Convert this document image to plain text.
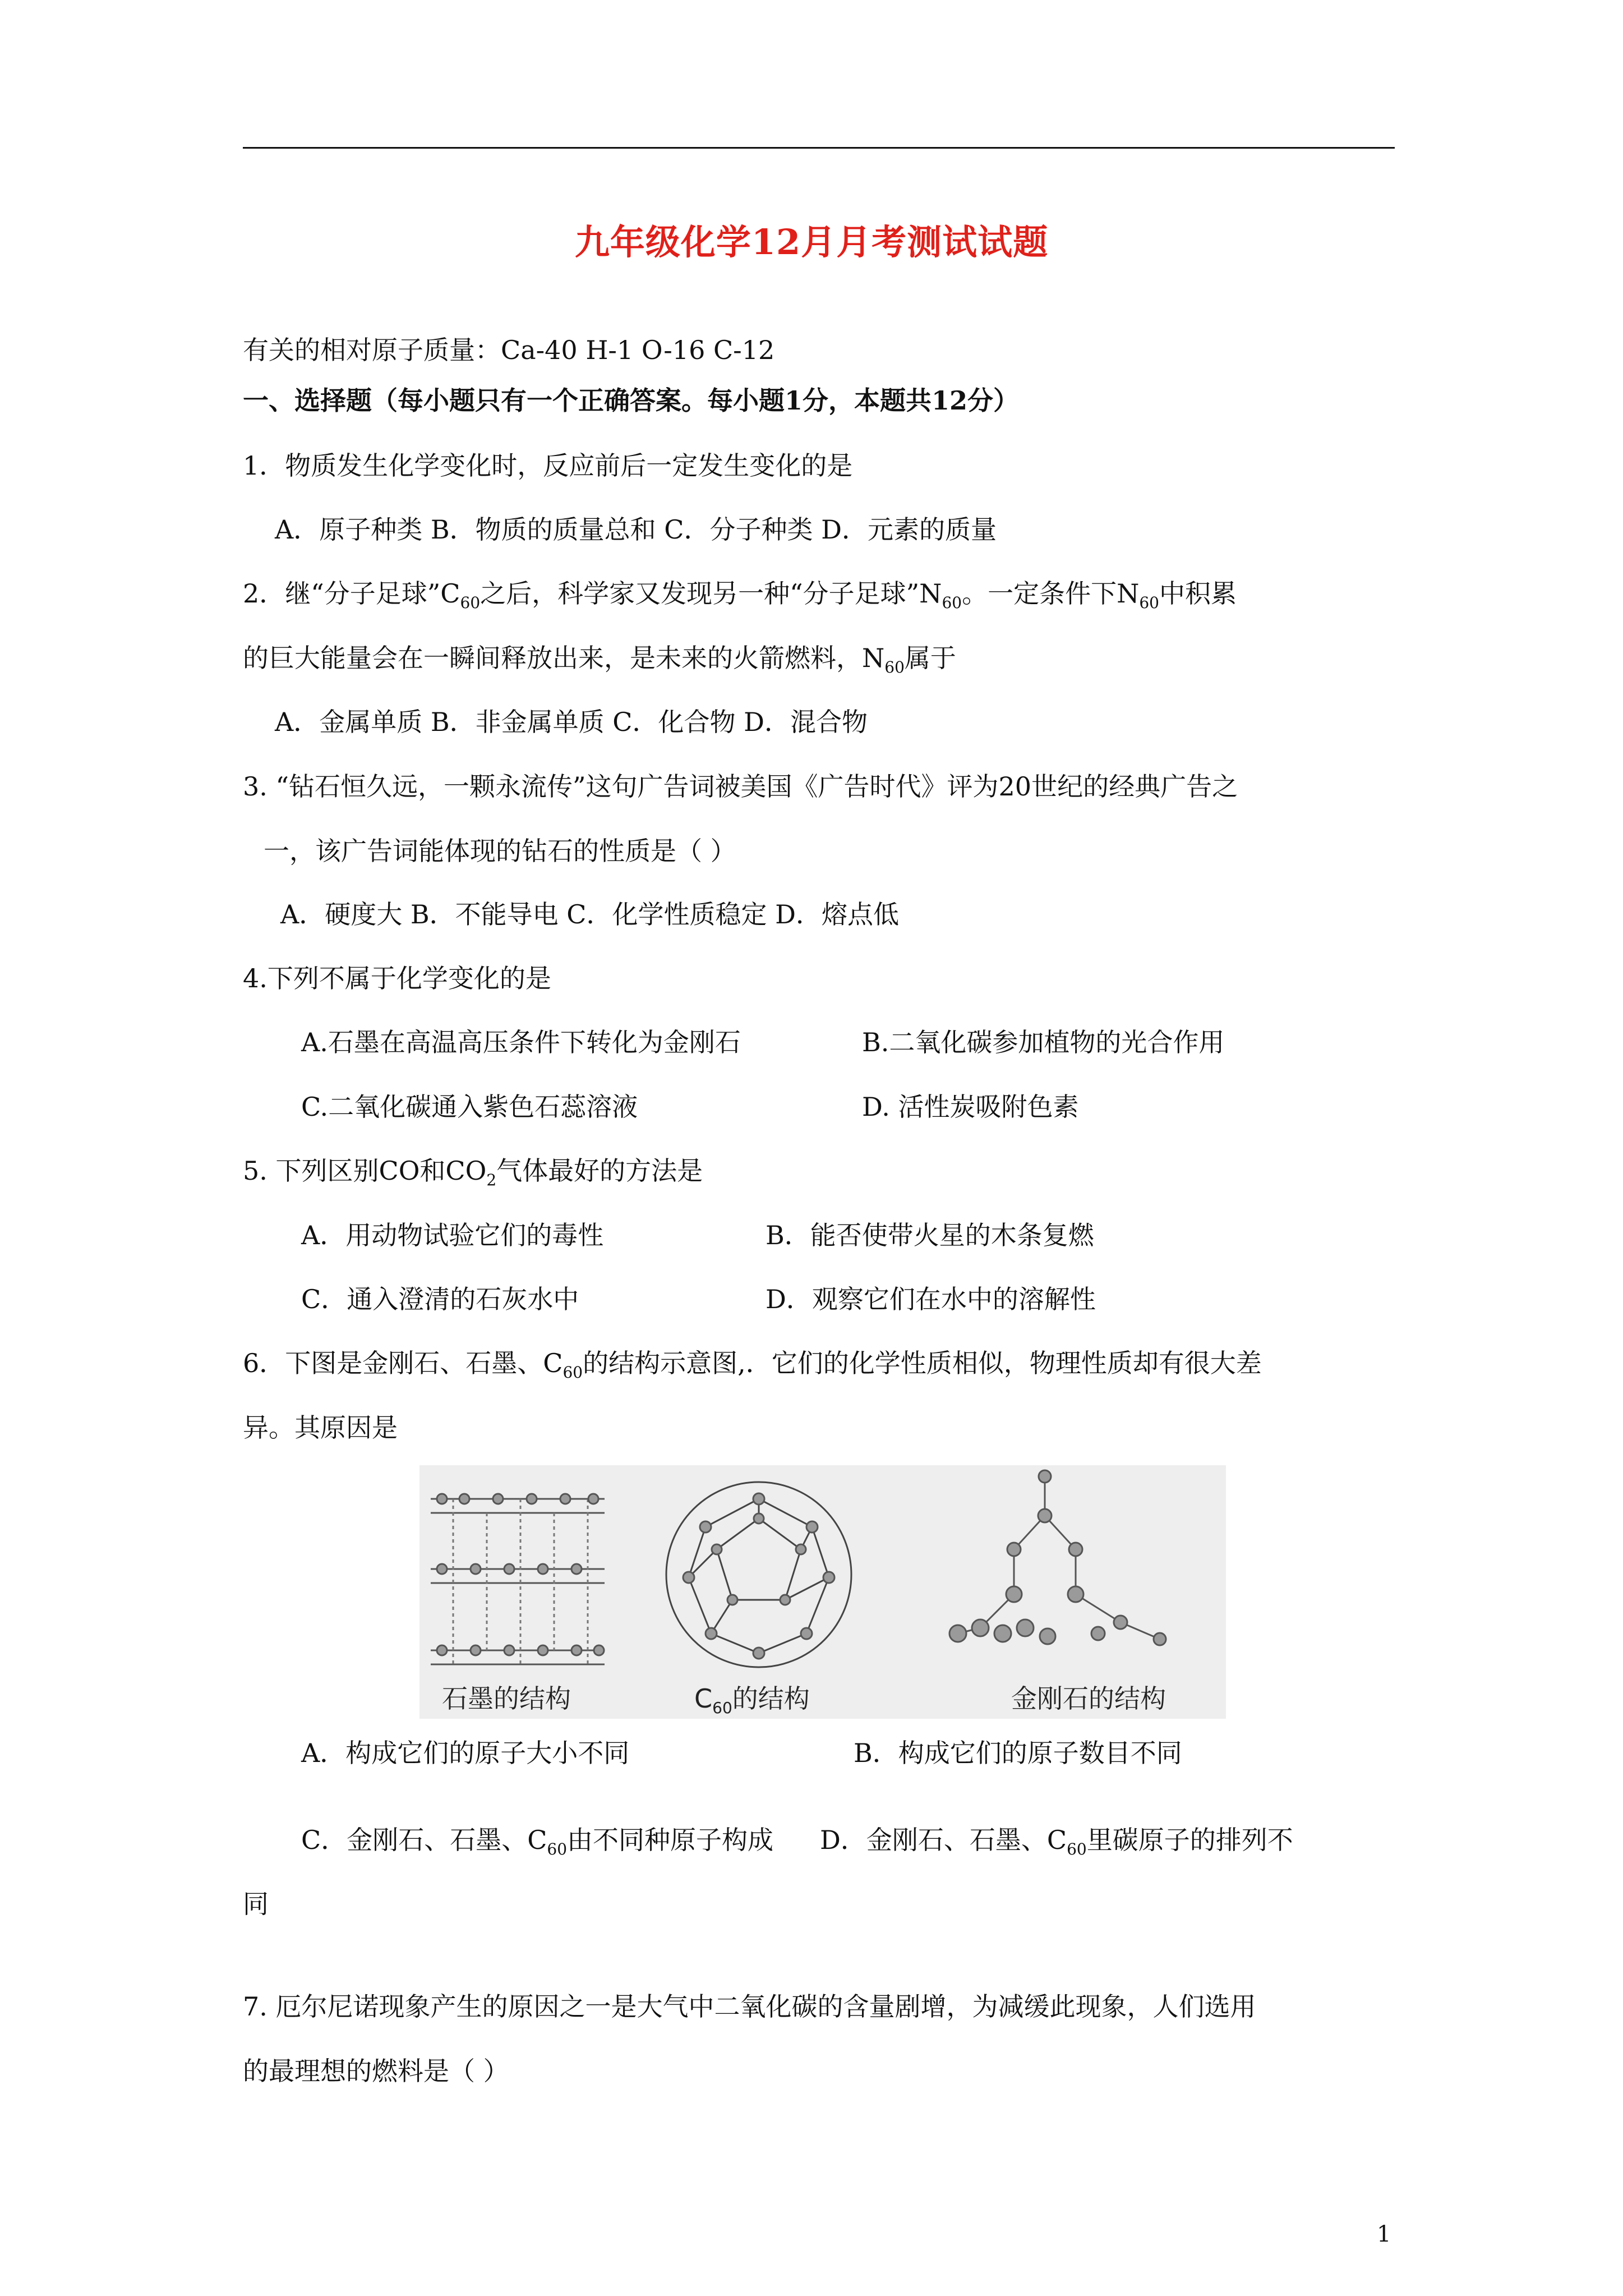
九年级化学12月月考测试试题
有关的相对原子质量：Ca-40 H-1 O-16 C-12
一、选择题（每小题只有一个正确答案。每小题1分，本题共12分）
1．物质发生化学变化时，反应前后一定发生变化的是
A．原子种类 B．物质的质量总和 C．分子种类 D．元素的质量
2．继“分子足球$”C_{60}$之后，科学家又发现另一种“分子足球$”N_{60}$。一定条件下$N_{60}$中积累
的巨大能量会在一瞬间释放出来，是未来的火箭燃料，$N_{60}$属于
A．金属单质 B．非金属单质 C．化合物 D．混合物
3. “钻石恒久远，一颗永流传”这句广告词被美国《广告时代》评为20世纪的经典广告之
一，该广告词能体现的钻石的性质是（ ）
A．硬度大 B．不能导电 C．化学性质稳定 D．熔点低
4.下列不属于化学变化的是
A.石墨在高温高压条件下转化为金刚石	B.二氧化碳参加植物的光合作用
C.二氧化碳通入紫色石蕊溶液	D. 活性炭吸附色素
5. 下列区别CO和$CO_2$气体最好的方法是
A．用动物试验它们的毒性	B．能否使带火星的木条复燃
C．通入澄清的石灰水中	D．观察它们在水中的溶解性
6．下图是金刚石、石墨、$C_{60}$的结构示意图,．它们的化学性质相似，物理性质却有很大差
异。其原因是
石墨的结构	$C_{60}$的结构	金刚石的结构
A．构成它们的原子大小不同	B．构成它们的原子数目不同
C．金刚石、石墨、$C_{60}$由不同种原子构成 D．金刚石、石墨、$C_{60}$里碳原子的排列不
同
7. 厄尔尼诺现象产生的原因之一是大气中二氧化碳的含量剧增，为减缓此现象，人们选用
的最理想的燃料是（ ）
1
